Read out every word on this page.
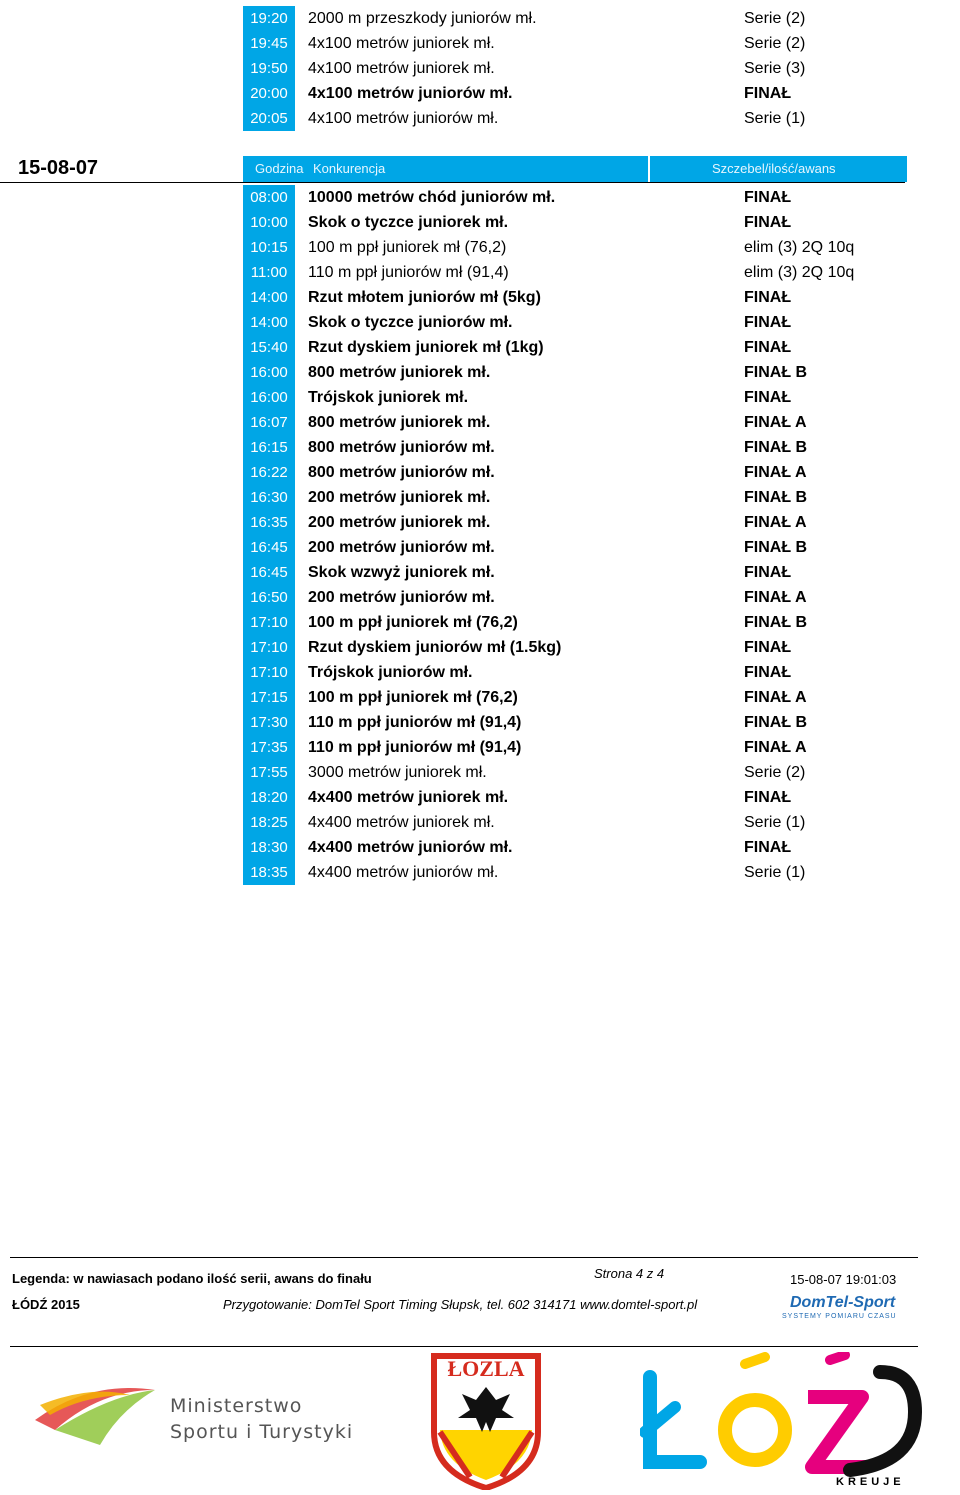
19:20	2000 m przeszkody juniorów mł.	Serie (2)
19:45	4x100 metrów juniorek mł.	Serie (2)
19:50	4x100 metrów juniorek mł.	Serie (3)
20:00	4x100 metrów juniorów mł.	FINAŁ
20:05	4x100 metrów juniorów mł.	Serie (1)
15-08-07	Godzina Konkurencja	Szczebel/ilość/awans
08:00	10000 metrów chód juniorów mł.	FINAŁ
10:00	Skok o tyczce juniorek mł.	FINAŁ
10:15	100 m ppł juniorek mł (76,2)	elim (3) 2Q 10q
11:00	110 m ppł juniorów mł (91,4)	elim (3) 2Q 10q
14:00	Rzut młotem juniorów mł (5kg)	FINAŁ
14:00	Skok o tyczce juniorów mł.	FINAŁ
15:40	Rzut dyskiem juniorek mł (1kg)	FINAŁ
16:00	800 metrów juniorek mł.	FINAŁ B
16:00	Trójskok juniorek mł.	FINAŁ
16:07	800 metrów juniorek mł.	FINAŁ A
16:15	800 metrów juniorów mł.	FINAŁ B
16:22	800 metrów juniorów mł.	FINAŁ A
16:30	200 metrów juniorek mł.	FINAŁ B
16:35	200 metrów juniorek mł.	FINAŁ A
16:45	200 metrów juniorów mł.	FINAŁ B
16:45	Skok wzwyż juniorek mł.	FINAŁ
16:50	200 metrów juniorów mł.	FINAŁ A
17:10	100 m ppł juniorek mł (76,2)	FINAŁ B
17:10	Rzut dyskiem juniorów mł (1.5kg)	FINAŁ
17:10	Trójskok juniorów mł.	FINAŁ
17:15	100 m ppł juniorek mł (76,2)	FINAŁ A
17:30	110 m ppł juniorów mł (91,4)	FINAŁ B
17:35	110 m ppł juniorów mł (91,4)	FINAŁ A
17:55	3000 metrów juniorek mł.	Serie (2)
18:20	4x400 metrów juniorek mł.	FINAŁ
18:25	4x400 metrów juniorek mł.	Serie (1)
18:30	4x400 metrów juniorów mł.	FINAŁ
18:35	4x400 metrów juniorów mł.	Serie (1)
Legenda: w nawiasach podano ilość serii, awans do finału	Strona 4 z 4	15-08-07 19:01:03
ŁÓDŹ 2015	Przygotowanie: DomTel Sport Timing Słupsk, tel. 602 314171 www.domtel-sport.pl	DomTel-Sport
SYSTEMY POMIARU CZASU
Ministerstwo
Sportu i Turystyki
ŁOZLA
KREUJE
